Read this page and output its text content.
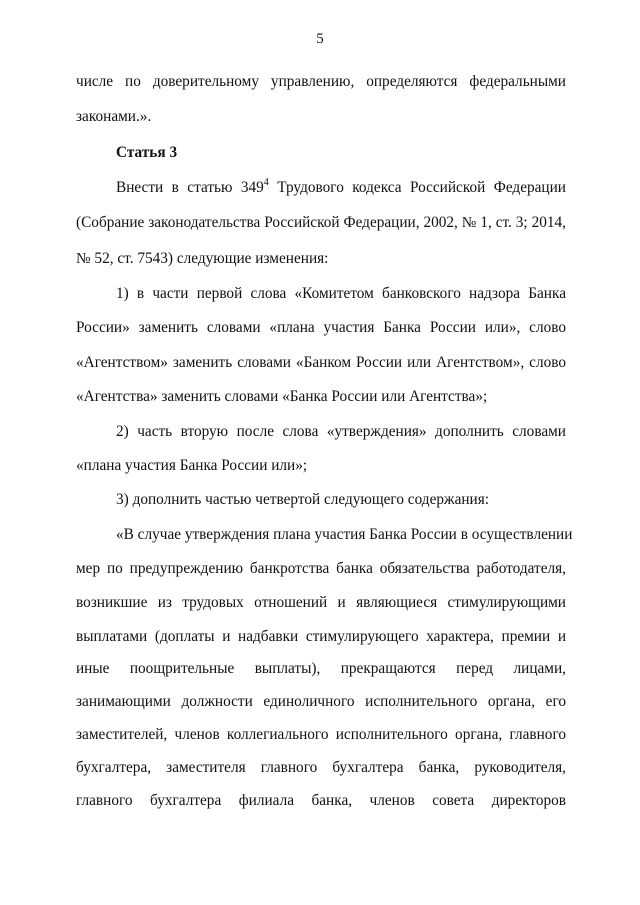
5
числе по доверительному управлению, определяются федеральными
законами.».
Статья 3
Внести в статью $349^4$ Трудового кодекса Российской Федерации
(Собрание законодательства Российской Федерации, 2002, № 1, ст. 3; 2014,
№ 52, ст. 7543) следующие изменения:
1) в части первой слова «Комитетом банковского надзора Банка
России» заменить словами «плана участия Банка России или», слово
«Агентством» заменить словами «Банком России или Агентством», слово
«Агентства» заменить словами «Банка России или Агентства»;
2) часть вторую после слова «утверждения» дополнить словами
«плана участия Банка России или»;
3) дополнить частью четвертой следующего содержания:
«В случае утверждения плана участия Банка России в осуществлении
мер по предупреждению банкротства банка обязательства работодателя,
возникшие из трудовых отношений и являющиеся стимулирующими
выплатами (доплаты и надбавки стимулирующего характера, премии и
иные поощрительные выплаты), прекращаются перед лицами,
занимающими должности единоличного исполнительного органа, его
заместителей, членов коллегиального исполнительного органа, главного
бухгалтера, заместителя главного бухгалтера банка, руководителя,
главного бухгалтера филиала банка, членов совета директоров
